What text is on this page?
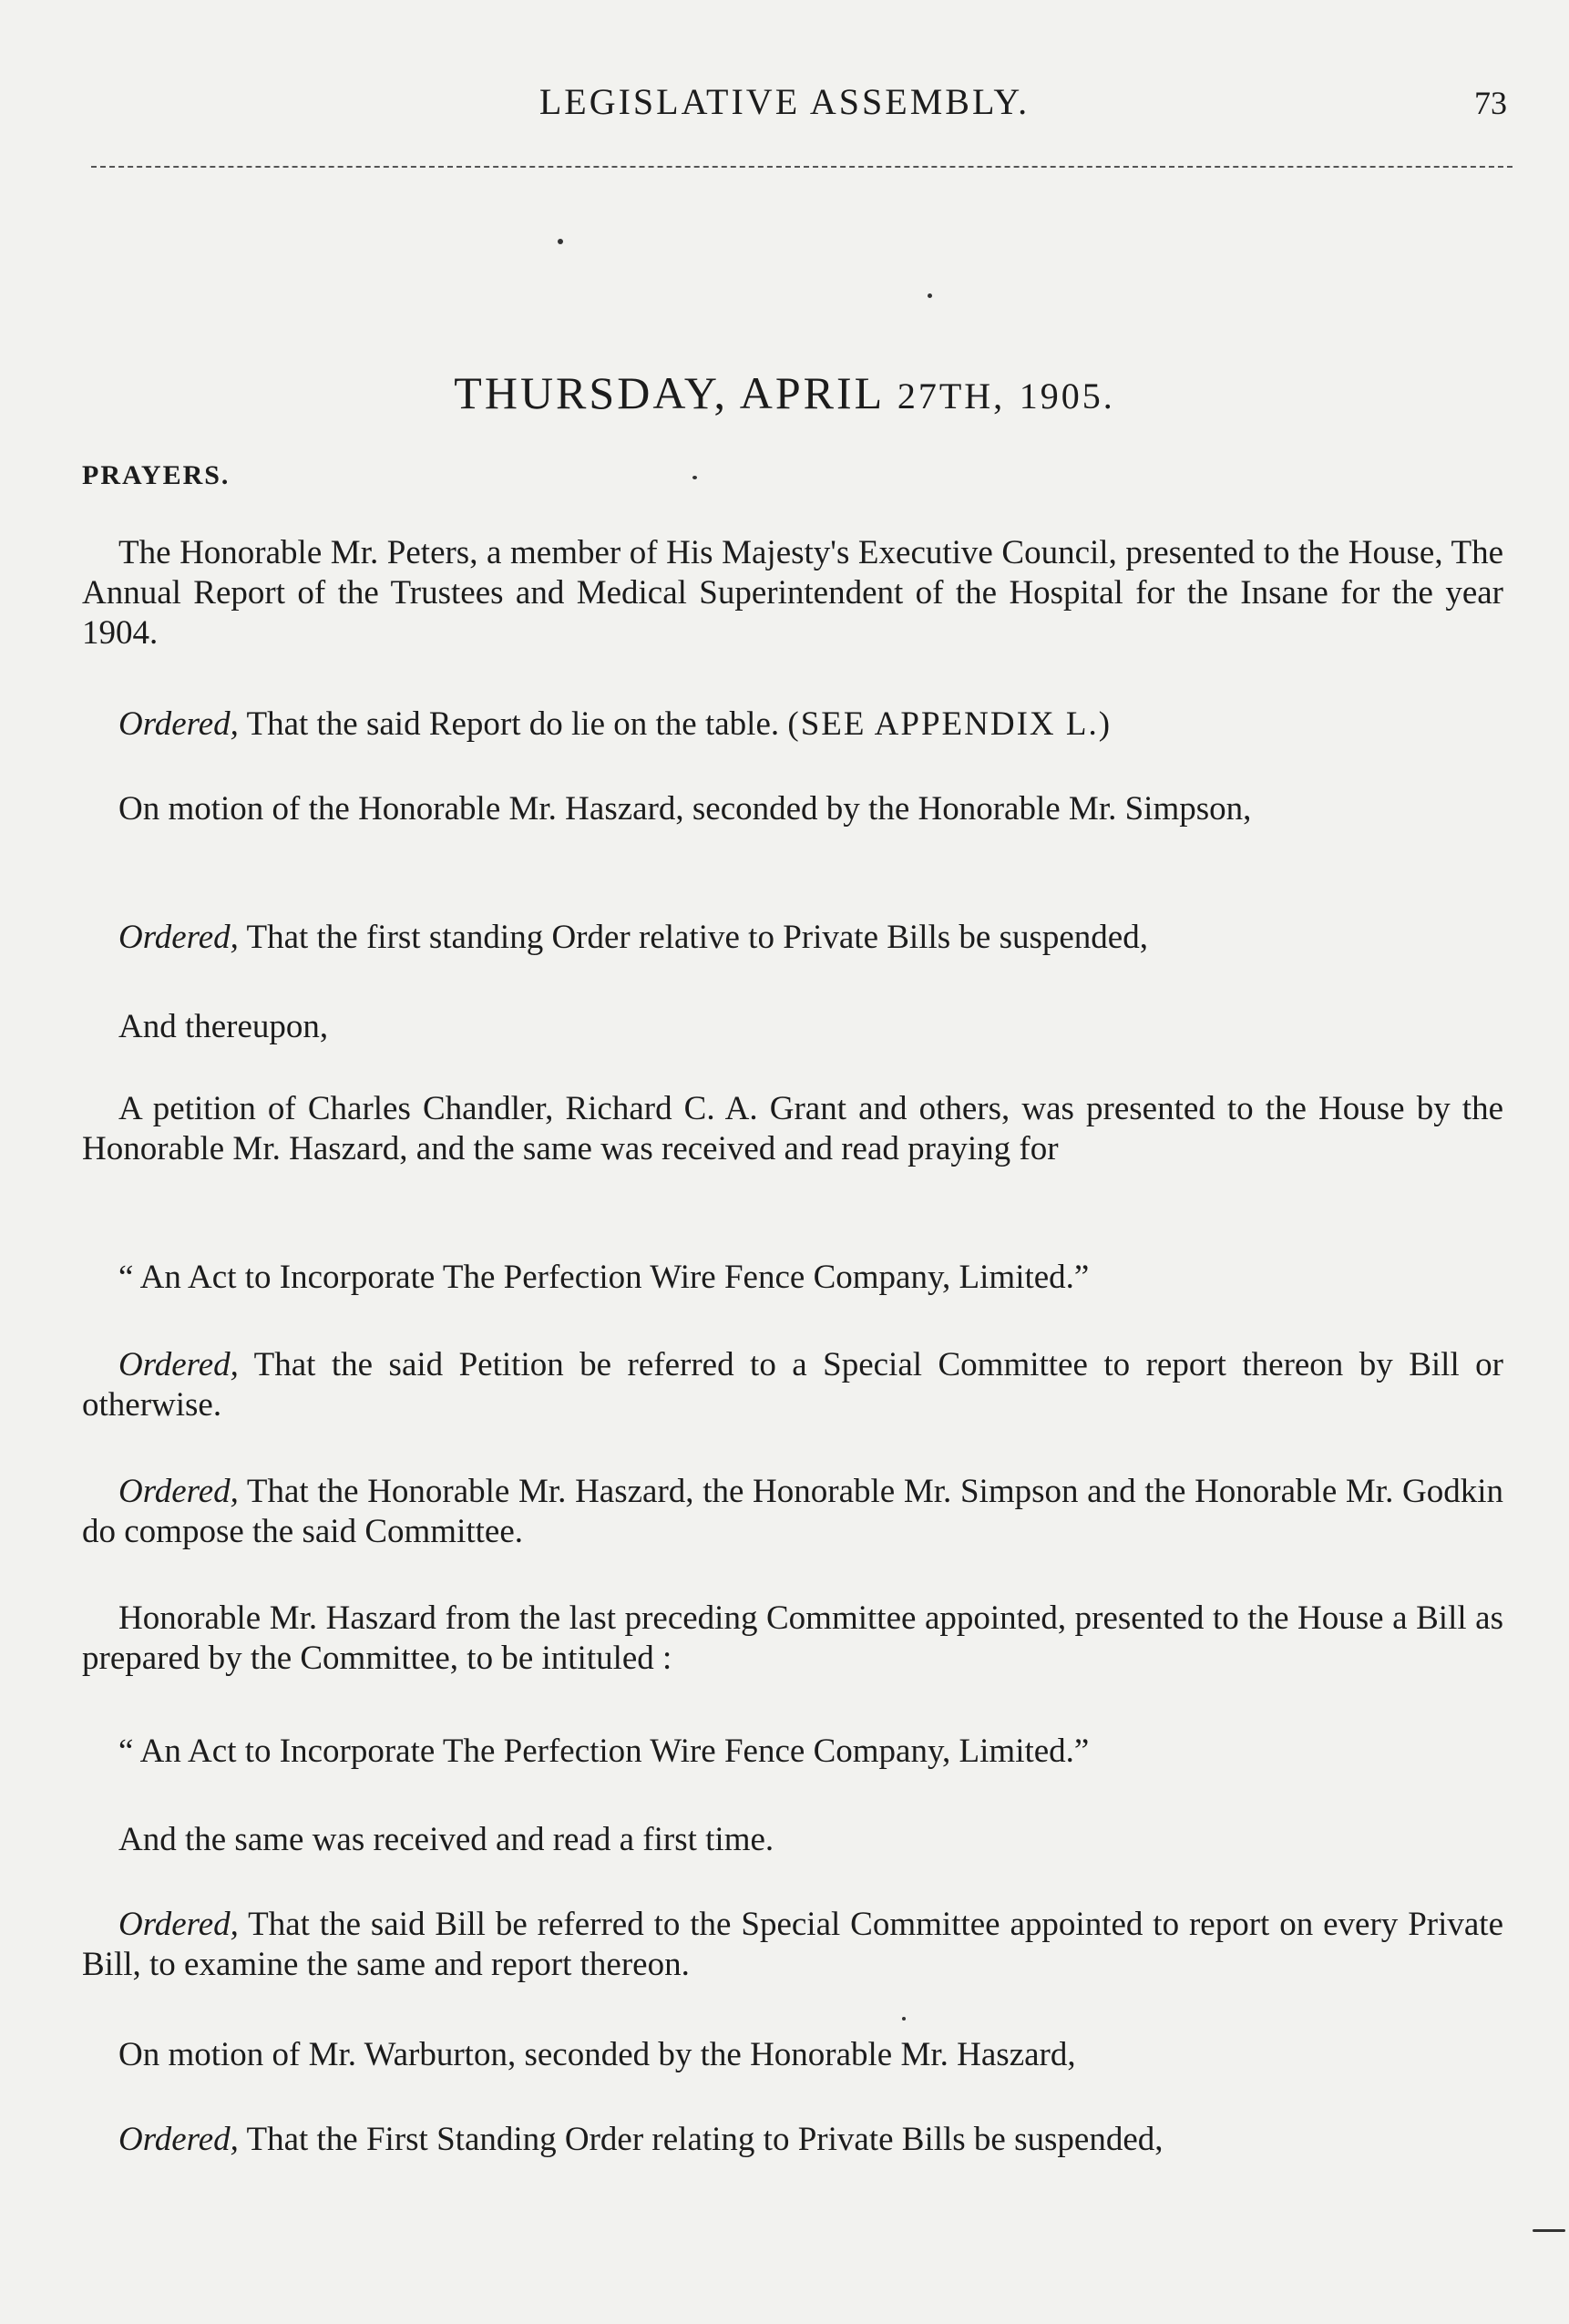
LEGISLATIVE ASSEMBLY.	73
THURSDAY, APRIL 27TH, 1905.

PRAYERS.

The Honorable Mr. Peters, a member of His Majesty's Executive Council, presented to the House, The Annual Report of the Trustees and Medical Superintendent of the Hospital for the Insane for the year 1904.

Ordered, That the said Report do lie on the table. (SEE APPENDIX L.)

On motion of the Honorable Mr. Haszard, seconded by the Honorable Mr. Simpson,

Ordered, That the first standing Order relative to Private Bills be suspended,

And thereupon,

A petition of Charles Chandler, Richard C. A. Grant and others, was presented to the House by the Honorable Mr. Haszard, and the same was received and read praying for

“ An Act to Incorporate The Perfection Wire Fence Company, Limited.”

Ordered, That the said Petition be referred to a Special Committee to report thereon by Bill or otherwise.

Ordered, That the Honorable Mr. Haszard, the Honorable Mr. Simpson and the Honorable Mr. Godkin do compose the said Committee.

Honorable Mr. Haszard from the last preceding Committee appointed, presented to the House a Bill as prepared by the Committee, to be intituled :

“ An Act to Incorporate The Perfection Wire Fence Company, Limited.”

And the same was received and read a first time.

Ordered, That the said Bill be referred to the Special Committee appointed to report on every Private Bill, to examine the same and report thereon.

On motion of Mr. Warburton, seconded by the Honorable Mr. Haszard,

Ordered, That the First Standing Order relating to Private Bills be suspended,
